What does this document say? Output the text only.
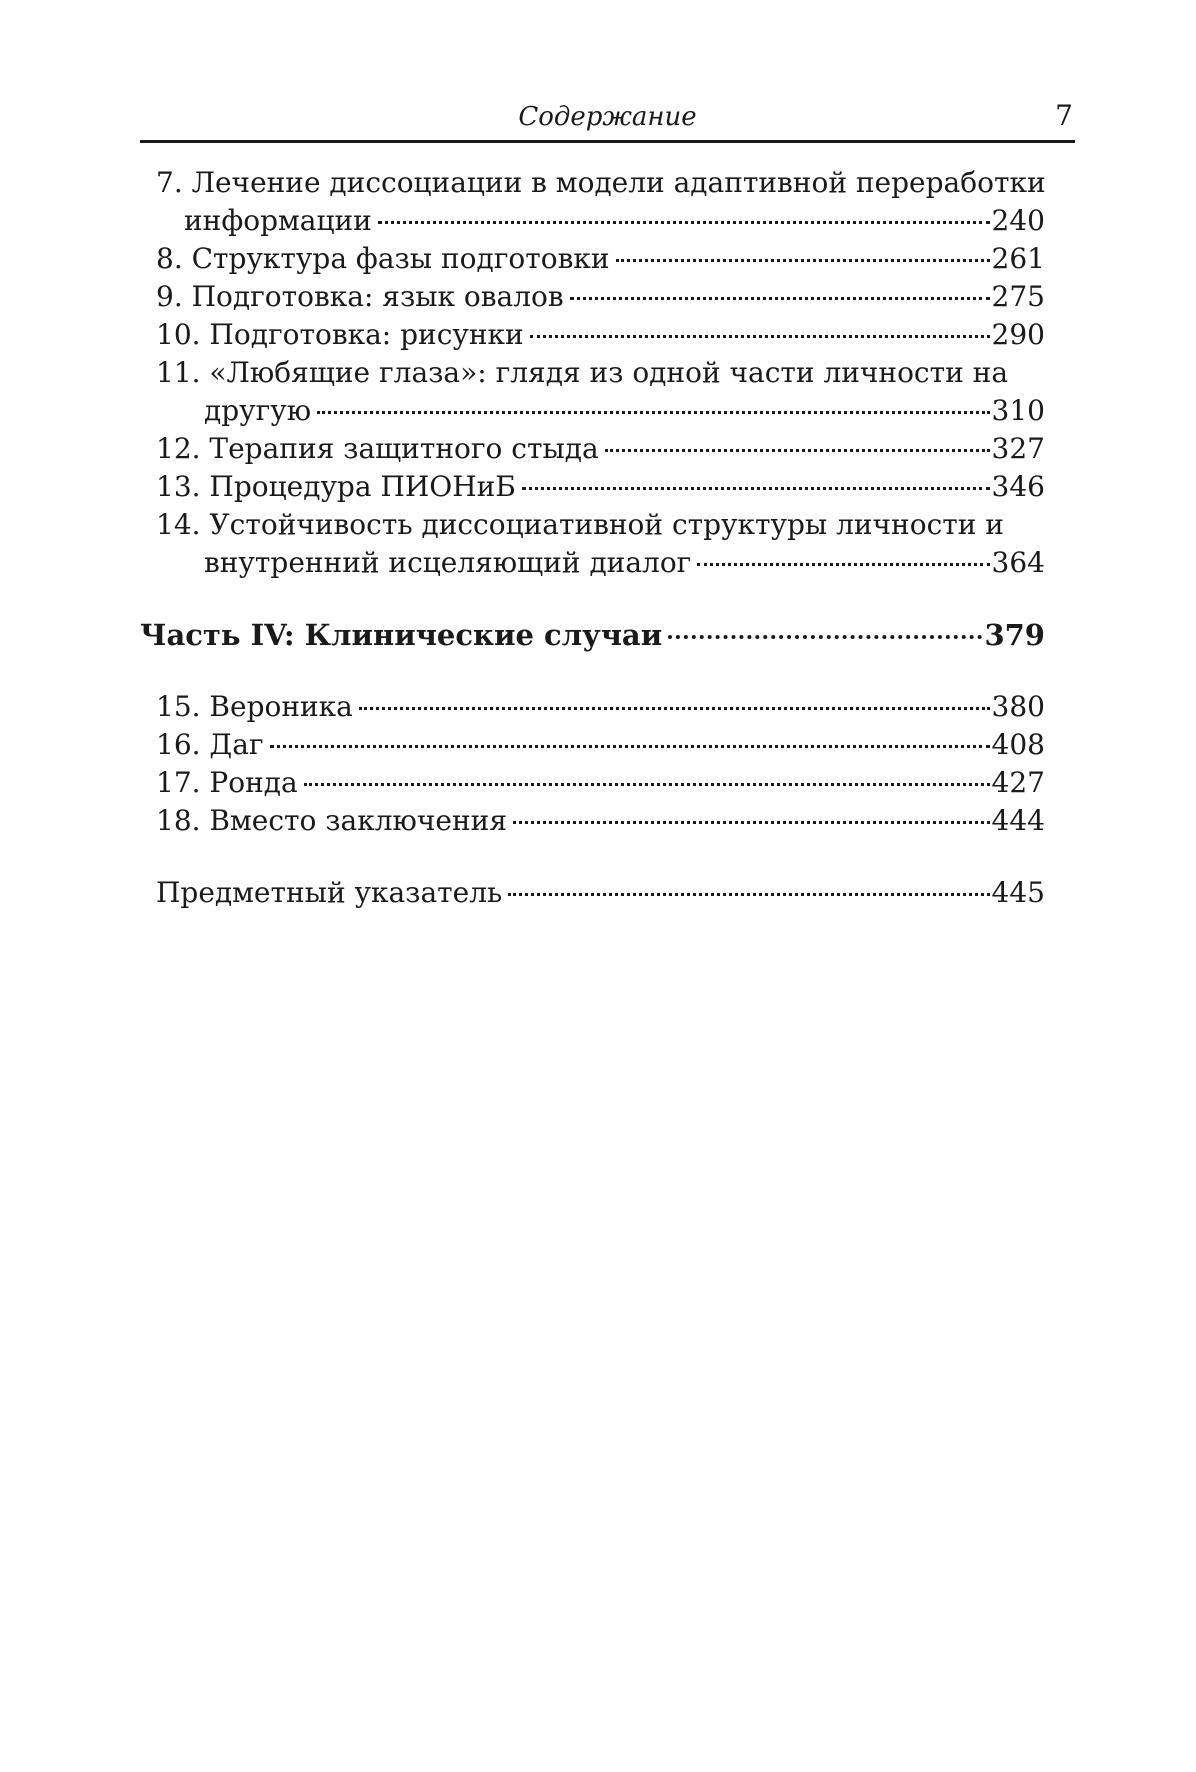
Содержание	7
7. Лечение диссоциации в модели адаптивной переработки
информации	240
8. Структура фазы подготовки	261
9. Подготовка: язык овалов	275
10. Подготовка: рисунки	290
11. «Любящие глаза»: глядя из одной части личности на
другую	310
12. Терапия защитного стыда	327
13. Процедура ПИОНиБ	346
14. Устойчивость диссоциативной структуры личности и
внутренний исцеляющий диалог	364
Часть IV: Клинические случаи	379
15. Вероника	380
16. Даг	408
17. Ронда	427
18. Вместо заключения	444
Предметный указатель	445
